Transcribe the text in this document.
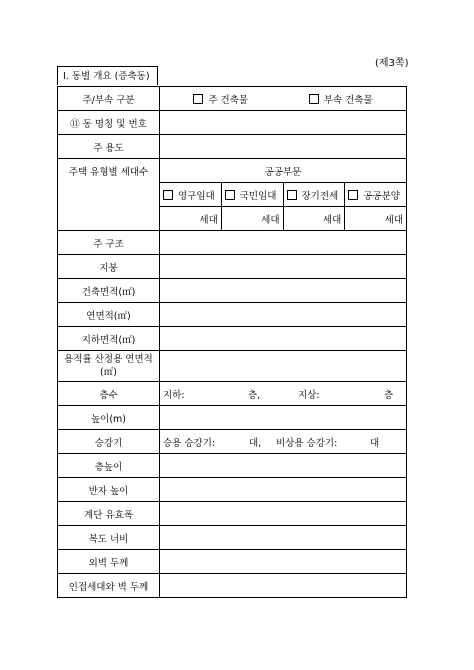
(제3쪽)
I. 동별 개요 (증축동)
주/부속 구분	주 건축물 부속 건축물			

⑪ 동 명칭 및 번호				
주 용도				
주택 유형별 세대수	공공부문			
	영구임대	국민임대	장기전세	공공분양
	세대	세대	세대	세대
주 구조				
지붕				
건축면적(㎡)				
연면적(㎡)				
지하면적(㎡)				
용적률 산정용 연면적(㎡)				
층수	지하: 층, 지상: 층			

높이(m)				
승강기	승용 승강기: 대, 비상용 승강기: 대			

층높이				
반자 높이				
계단 유효폭				
복도 너비				
외벽 두께				
인접세대와 벽 두께				
